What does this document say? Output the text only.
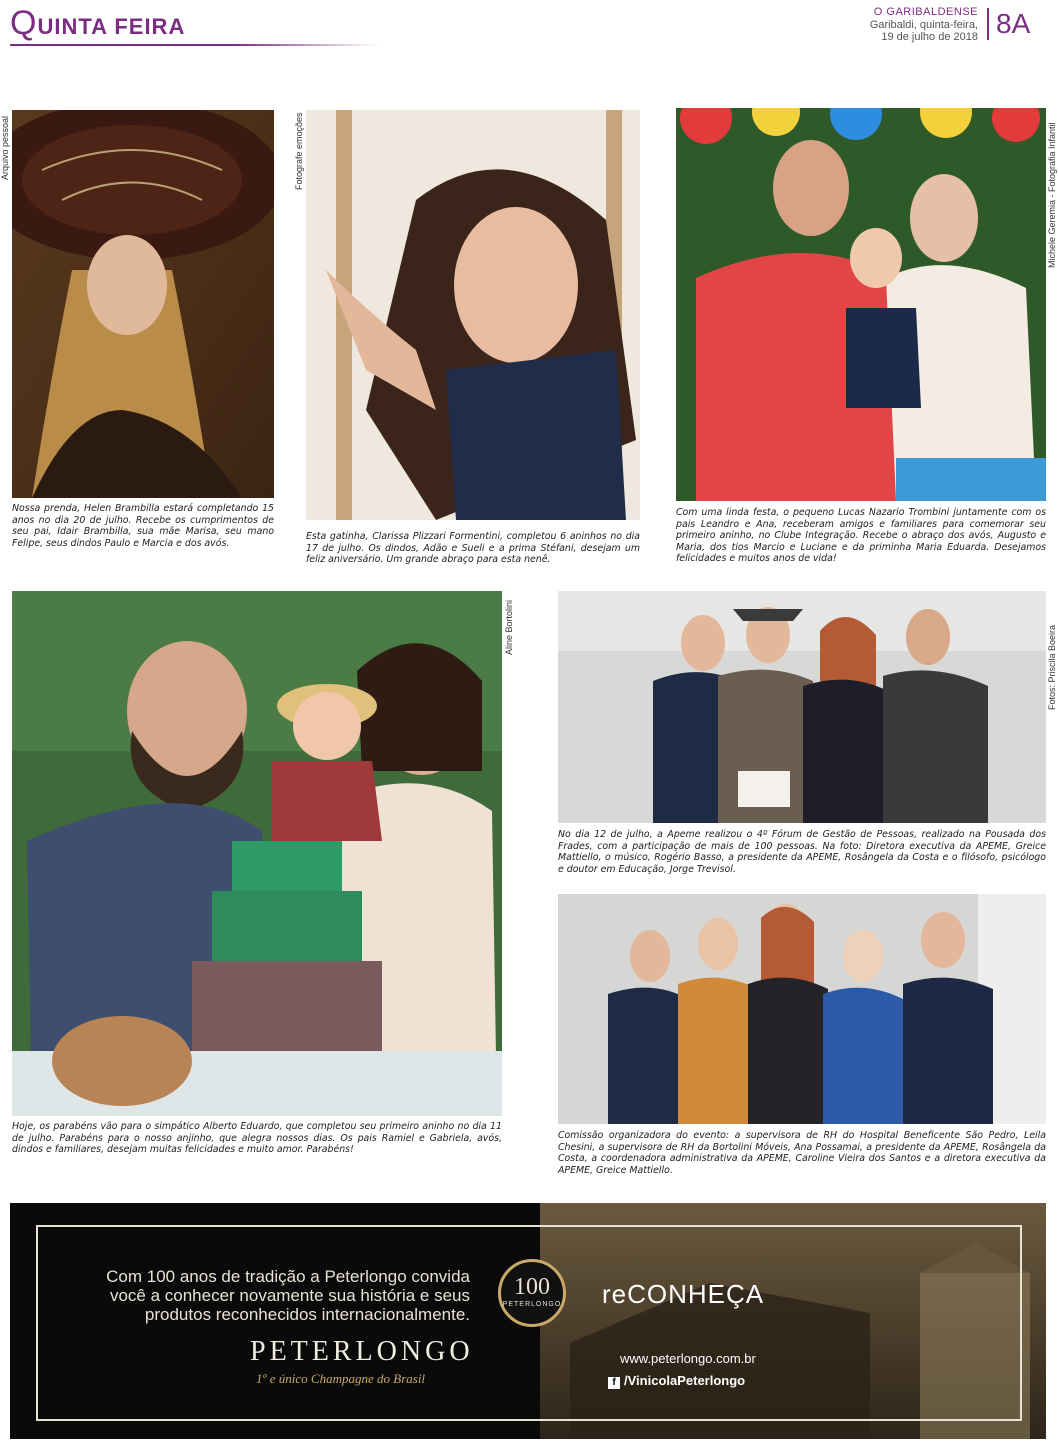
QUINTA FEIRA
O GARIBALDENSE
Garibaldi, quinta-feira,
19 de julho de 2018 8A
Arquivo pessoal
Nossa prenda, Helen Brambilla estará completando 15 anos no dia 20 de julho. Recebe os cumprimentos de seu pai, Idair Brambilla, sua mãe Marisa, seu mano Felipe, seus dindos Paulo e Marcia e dos avós.
Fotografe emoções
Esta gatinha, Clarissa Plizzari Formentini, completou 6 aninhos no dia 17 de julho. Os dindos, Adão e Sueli e a prima Stéfani, desejam um feliz aniversário. Um grande abraço para esta nenê.
Michele Geremia - Fotografia Infantil
Com uma linda festa, o pequeno Lucas Nazario Trombini juntamente com os pais Leandro e Ana, receberam amigos e familiares para comemorar seu primeiro aninho, no Clube Integração. Recebe o abraço dos avós, Augusto e Maria, dos tios Marcio e Luciane e da priminha Maria Eduarda. Desejamos felicidades e muitos anos de vida!
Aline Bortolini
Hoje, os parabéns vão para o simpático Alberto Eduardo, que completou seu primeiro aninho no dia 11 de julho. Parabéns para o nosso anjinho, que alegra nossos dias. Os pais Ramiel e Gabriela, avós, dindos e familiares, desejam muitas felicidades e muito amor. Parabéns!
Fotos: Priscila Boeira
No dia 12 de julho, a Apeme realizou o 4º Fórum de Gestão de Pessoas, realizado na Pousada dos Frades, com a participação de mais de 100 pessoas. Na foto: Diretora executiva da APEME, Greice Mattiello, o músico, Rogério Basso, a presidente da APEME, Rosângela da Costa e o filósofo, psicólogo e doutor em Educação, Jorge Trevisol.
Comissão organizadora do evento: a supervisora de RH do Hospital Beneficente São Pedro, Leila Chesini, a supervisora de RH da Bortolini Móveis, Ana Possamai, a presidente da APEME, Rosângela da Costa, a coordenadora administrativa da APEME, Caroline Vieira dos Santos e a diretora executiva da APEME, Greice Mattiello.
Com 100 anos de tradição a Peterlongo convida você a conhecer novamente sua história e seus produtos reconhecidos internacionalmente.
PETERLONGO
1º e único Champagne do Brasil
100
PETERLONGO reCONHEÇA
www.peterlongo.com.br
f /VinicolaPeterlongo
